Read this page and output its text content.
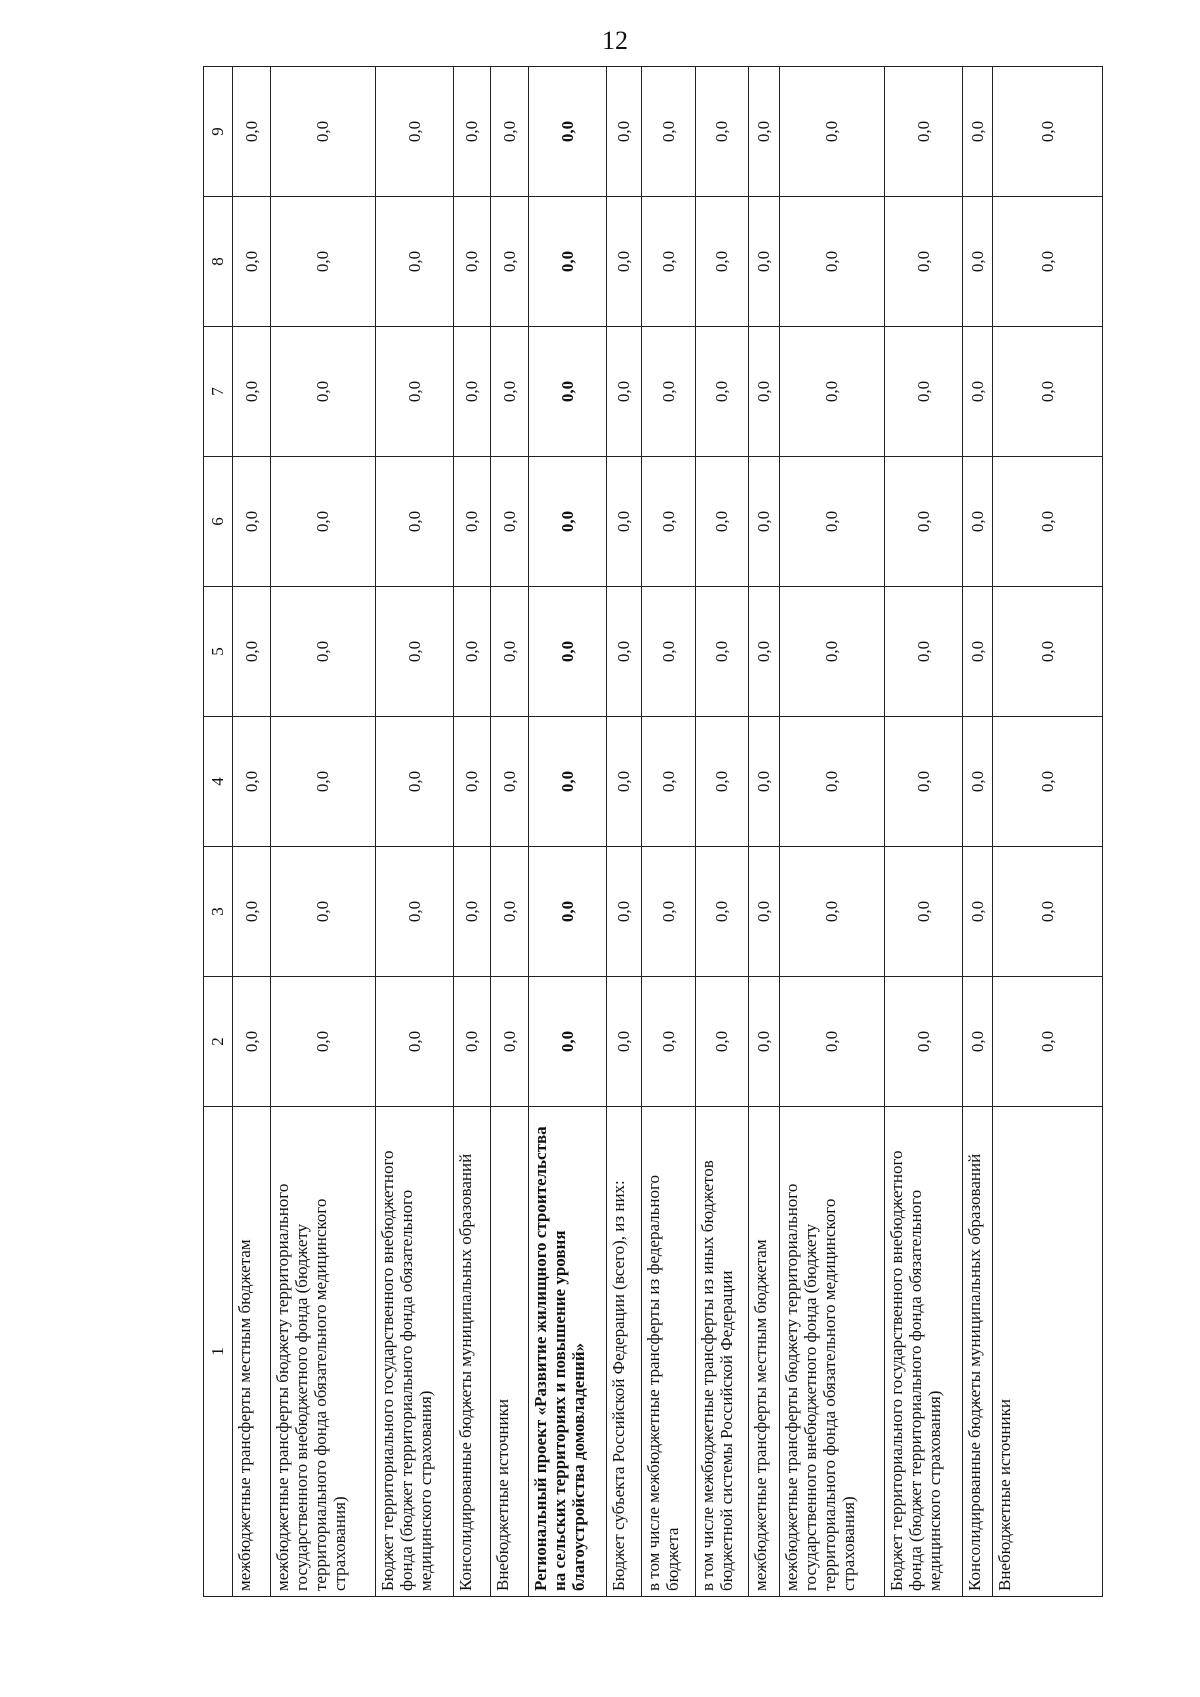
12
1	2	3	4	5	6	7	8	9
межбюджетные трансферты местным бюджетам	0,0	0,0	0,0	0,0	0,0	0,0	0,0	0,0
межбюджетные трансферты бюджету территориального государственного внебюджетного фонда (бюджету территориального фонда обязательного медицинского страхования)	0,0	0,0	0,0	0,0	0,0	0,0	0,0	0,0
Бюджет территориального государственного внебюджетного фонда (бюджет территориального фонда обязательного медицинского страхования)	0,0	0,0	0,0	0,0	0,0	0,0	0,0	0,0
Консолидированные бюджеты муниципальных образований	0,0	0,0	0,0	0,0	0,0	0,0	0,0	0,0
Внебюджетные источники	0,0	0,0	0,0	0,0	0,0	0,0	0,0	0,0
Региональный проект «Развитие жилищного строительства на сельских территориях и повышение уровня благоустройства домовладений»	0,0	0,0	0,0	0,0	0,0	0,0	0,0	0,0
Бюджет субъекта Российской Федерации (всего), из них:	0,0	0,0	0,0	0,0	0,0	0,0	0,0	0,0
в том числе межбюджетные трансферты из федерального бюджета	0,0	0,0	0,0	0,0	0,0	0,0	0,0	0,0
в том числе межбюджетные трансферты из иных бюджетов бюджетной системы Российской Федерации	0,0	0,0	0,0	0,0	0,0	0,0	0,0	0,0
межбюджетные трансферты местным бюджетам	0,0	0,0	0,0	0,0	0,0	0,0	0,0	0,0
межбюджетные трансферты бюджету территориального государственного внебюджетного фонда (бюджету территориального фонда обязательного медицинского страхования)	0,0	0,0	0,0	0,0	0,0	0,0	0,0	0,0
Бюджет территориального государственного внебюджетного фонда (бюджет территориального фонда обязательного медицинского страхования)	0,0	0,0	0,0	0,0	0,0	0,0	0,0	0,0
Консолидированные бюджеты муниципальных образований	0,0	0,0	0,0	0,0	0,0	0,0	0,0	0,0
Внебюджетные источники	0,0	0,0	0,0	0,0	0,0	0,0	0,0	0,0
